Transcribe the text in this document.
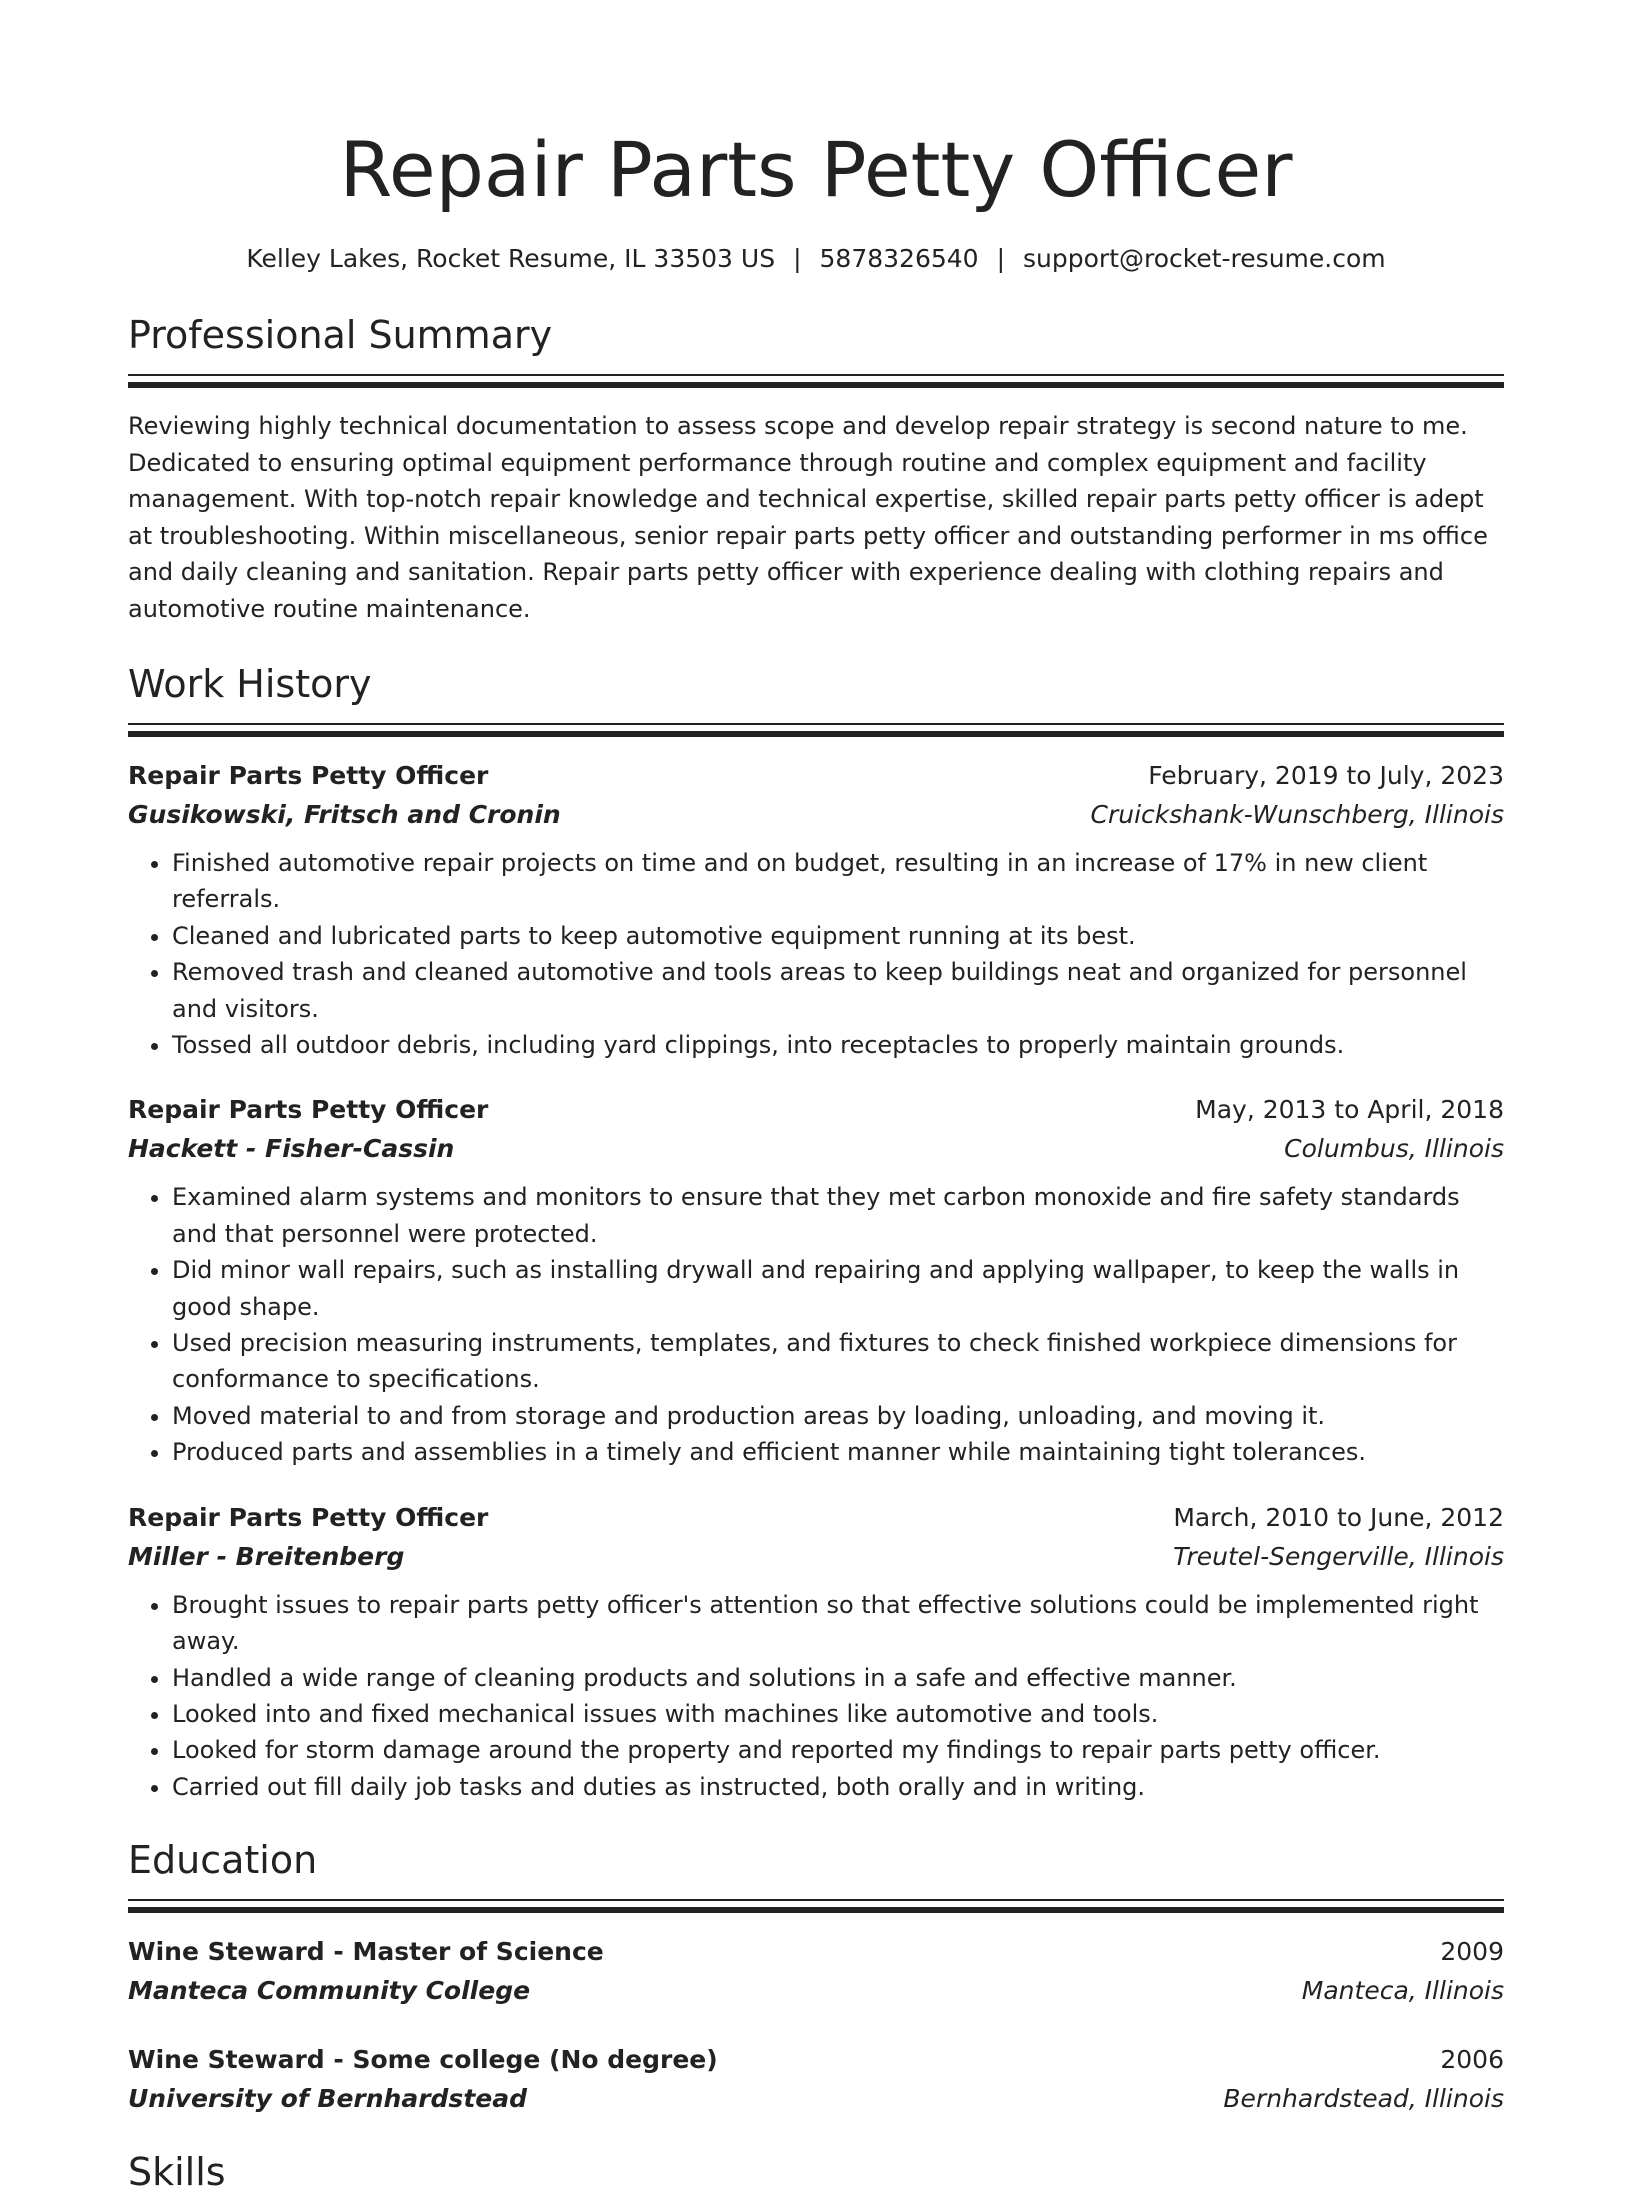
Repair Parts Petty Officer
Kelley Lakes, Rocket Resume, IL 33503 US | 5878326540 | support@rocket-resume.com
Professional Summary

Reviewing highly technical documentation to assess scope and develop repair strategy is second nature to me. Dedicated to ensuring optimal equipment performance through routine and complex equipment and facility management. With top-notch repair knowledge and technical expertise, skilled repair parts petty officer is adept at troubleshooting. Within miscellaneous, senior repair parts petty officer and outstanding performer in ms office and daily cleaning and sanitation. Repair parts petty officer with experience dealing with clothing repairs and automotive routine maintenance.

Work History
Repair Parts Petty Officer	February, 2019 to July, 2023
Gusikowski, Fritsch and Cronin	Cruickshank-Wunschberg, Illinois
• Finished automotive repair projects on time and on budget, resulting in an increase of 17% in new client referrals.
• Cleaned and lubricated parts to keep automotive equipment running at its best.
• Removed trash and cleaned automotive and tools areas to keep buildings neat and organized for personnel and visitors.
• Tossed all outdoor debris, including yard clippings, into receptacles to properly maintain grounds.
Repair Parts Petty Officer	May, 2013 to April, 2018
Hackett - Fisher-Cassin	Columbus, Illinois
• Examined alarm systems and monitors to ensure that they met carbon monoxide and fire safety standards and that personnel were protected.
• Did minor wall repairs, such as installing drywall and repairing and applying wallpaper, to keep the walls in good shape.
• Used precision measuring instruments, templates, and fixtures to check finished workpiece dimensions for conformance to specifications.
• Moved material to and from storage and production areas by loading, unloading, and moving it.
• Produced parts and assemblies in a timely and efficient manner while maintaining tight tolerances.
Repair Parts Petty Officer	March, 2010 to June, 2012
Miller - Breitenberg	Treutel-Sengerville, Illinois
• Brought issues to repair parts petty officer's attention so that effective solutions could be implemented right away.
• Handled a wide range of cleaning products and solutions in a safe and effective manner.
• Looked into and fixed mechanical issues with machines like automotive and tools.
• Looked for storm damage around the property and reported my findings to repair parts petty officer.
• Carried out fill daily job tasks and duties as instructed, both orally and in writing.
Education
Wine Steward - Master of Science	2009
Manteca Community College	Manteca, Illinois
Wine Steward - Some college (No degree)	2006
University of Bernhardstead	Bernhardstead, Illinois
Skills
